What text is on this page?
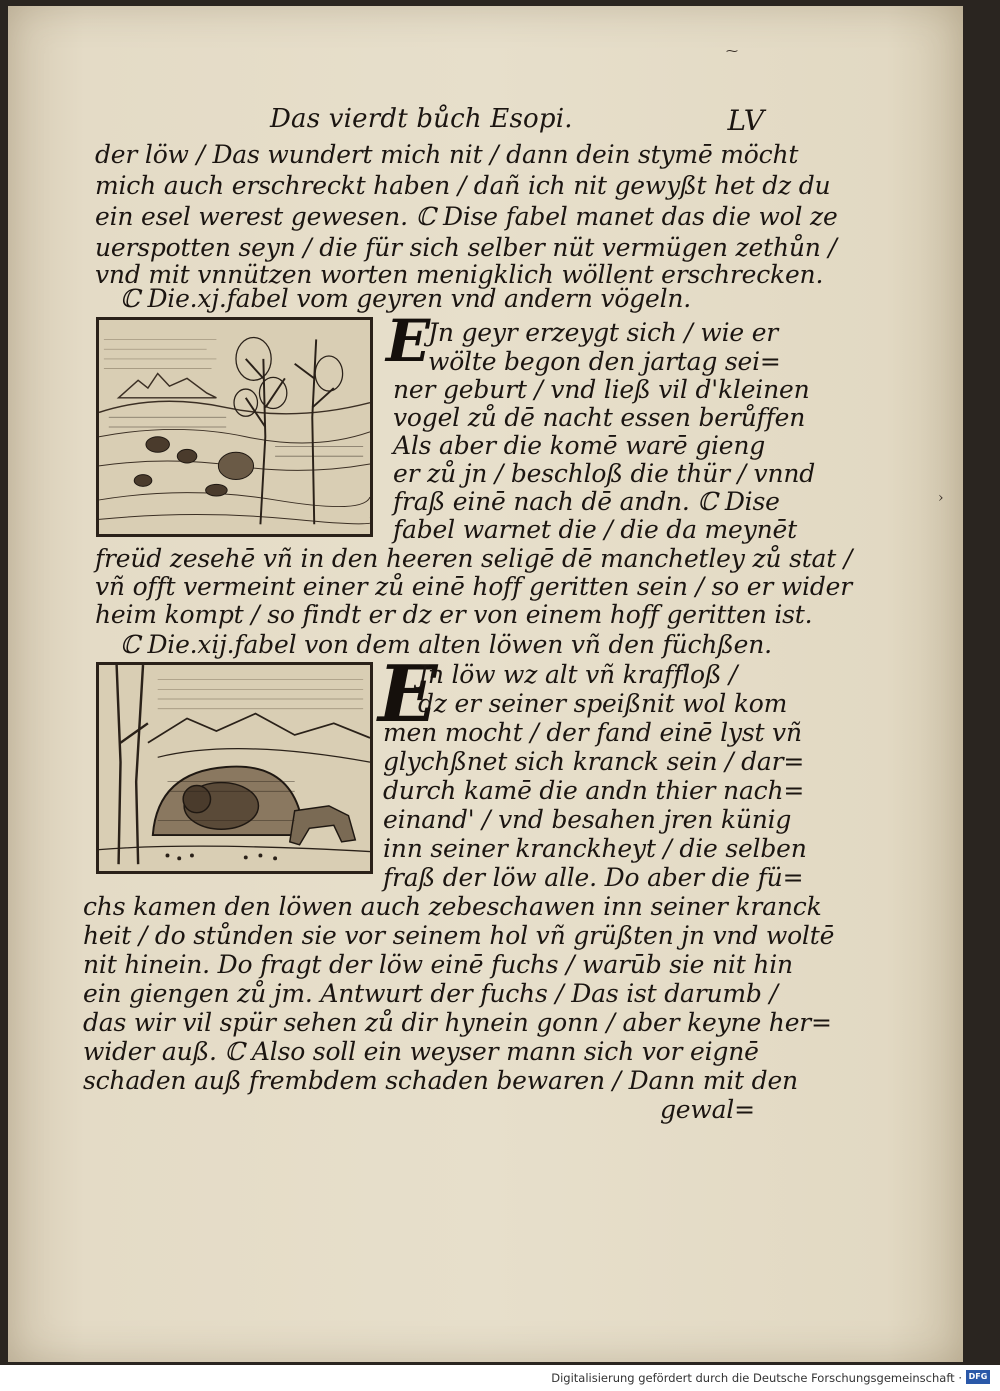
⁓
›
Das vierdt bůch Esopi.	LV
der löw / Das wundert mich nit / dann dein stymē möcht
mich auch erschreckt haben / dañ ich nit gewyßt het dz du
ein esel werest gewesen. ℂ Dise fabel manet das die wol ze
uerspotten seyn / die für sich selber nüt vermügen zethůn /
vnd mit vnnützen worten menigklich wöllent erschrecken.
ℂ Die.xj.fabel vom geyren vnd andern vögeln.
E
Jn geyr erzeygt sich / wie er
wölte begon den jartag sei=
ner geburt / vnd ließ vil d'kleinen
vogel zů dē nacht essen berůffen
Als aber die komē warē gieng
er zů jn / beschloß die thür / vnnd
fraß einē nach dē andn. ℂ Dise
fabel warnet die / die da meynēt
freüd zesehē vñ in den heeren seligē dē manchetley zů stat /
vñ offt vermeint einer zů einē hoff geritten sein / so er wider
heim kompt / so findt er dz er von einem hoff geritten ist.
ℂ Die.xij.fabel von dem alten löwen vñ den füchßen.
E
Jn löw wz alt vñ kraffloß /
dz er seiner speißnit wol kom
men mocht / der fand einē lyst vñ
glychßnet sich kranck sein / dar=
durch kamē die andn thier nach=
einand' / vnd besahen jren künig
inn seiner kranckheyt / die selben
fraß der löw alle. Do aber die fü=
chs kamen den löwen auch zebeschawen inn seiner kranck
heit / do stůnden sie vor seinem hol vñ grüßten jn vnd woltē
nit hinein. Do fragt der löw einē fuchs / warūb sie nit hin
ein giengen zů jm. Antwurt der fuchs / Das ist darumb /
das wir vil spür sehen zů dir hynein gonn / aber keyne her=
wider auß. ℂ Also soll ein weyser mann sich vor eignē
schaden auß frembdem schaden bewaren / Dann mit den
gewal=
Digitalisierung gefördert durch die Deutsche Forschungsgemeinschaft · DFG
